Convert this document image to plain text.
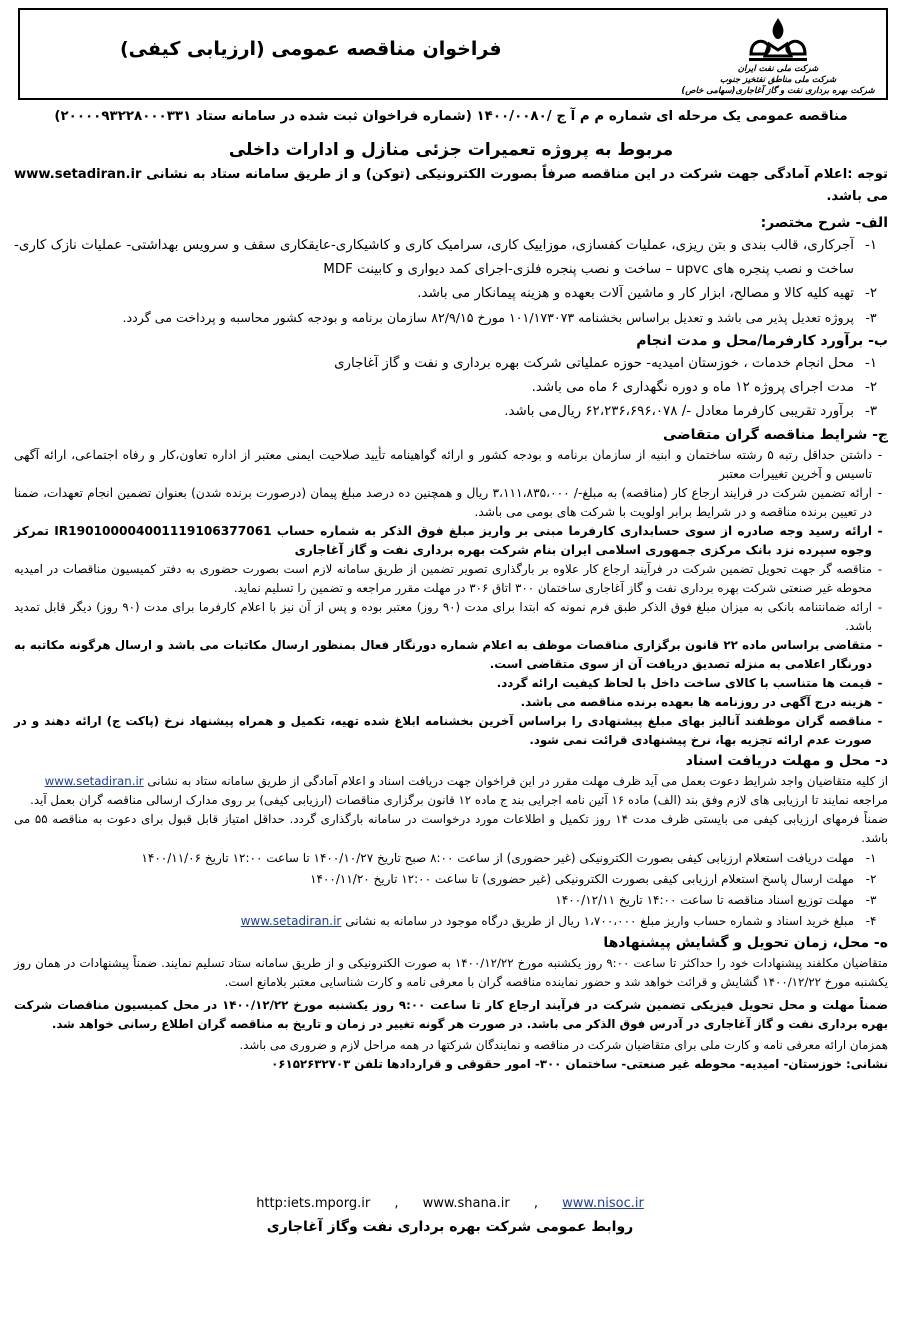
شرکت ملی نفت ایران
شرکت ملی مناطق نفتخیز جنوب
شرکت بهره برداری نفت و گاز آغاجاری(سهامی خاص)
فراخوان مناقصه عمومی (ارزیابی کیفی)

مناقصه عمومی یک مرحله ای شماره م م آ ج /۱۴۰۰/۰۰۸۰ (شماره فراخوان ثبت شده در سامانه ستاد ۲۰۰۰۰۹۳۲۲۸۰۰۰۳۳۱)

مربوط به پروژه تعمیرات جزئی منازل و ادارات داخلی

توجه :اعلام آمادگی جهت شرکت در این مناقصه صرفاً بصورت الکترونیکی (توکن) و از طریق سامانه ستاد به نشانی www.setadiran.ir می باشد.

الف- شرح مختصر:

۱-
آجرکاری، قالب بندی و بتن ریزی، عملیات کفسازی، موزاییک کاری، سرامیک کاری و کاشیکاری-عایقکاری سقف و سرویس بهداشتی- عملیات نازک کاری-ساخت و نصب پنجره های upvc – ساخت و نصب پنجره فلزی-اجرای کمد دیواری و کابینت MDF
۲-
تهیه کلیه کالا و مصالح، ابزار کار و ماشین آلات بعهده و هزینه پیمانکار می باشد.
۳-
پروژه تعدیل پذیر می باشد و تعدیل براساس بخشنامه ۱۰۱/۱۷۳۰۷۳ مورخ ۸۲/۹/۱۵ سازمان برنامه و بودجه کشور محاسبه و پرداخت می گردد.

ب- برآورد کارفرما/محل و مدت انجام

۱-
محل انجام خدمات ، خوزستان امیدیه- حوزه عملیاتی شرکت بهره برداری و نفت و گاز آغاجاری
۲-
مدت اجرای پروژه ۱۲ ماه و دوره نگهداری ۶ ماه می باشد.
۳-
برآورد تقریبی کارفرما معادل -/ ۶۲،۲۳۶،۶۹۶،۰۷۸ ریال‌می باشد.

ج- شرایط مناقصه گران متقاضی

-
داشتن حداقل رتبه ۵ رشته ساختمان و ابنیه از سازمان برنامه و بودجه کشور و ارائه گواهینامه تأیید صلاحیت ایمنی معتبر از اداره تعاون،کار و رفاه اجتماعی، ارائه آگهی تاسیس و آخرین تغییرات معتبر
-
ارائه تضمین شرکت در فرایند ارجاع کار (مناقصه) به مبلغ-/ ۳،۱۱۱،۸۳۵،۰۰۰ ریال و همچنین ده درصد مبلغ پیمان (درصورت برنده شدن) بعنوان تضمین انجام تعهدات، ضمنا در تعیین برنده مناقصه و در شرایط برابر اولویت با شرکت های بومی می باشد.
-
ارائه رسید وجه صادره از سوی حسابداری کارفرما مبنی بر واریز مبلغ فوق الذکر به شماره حساب IR190100004001119106377061 تمرکز وجوه سپرده نزد بانک مرکزی جمهوری اسلامی ایران بنام شرکت بهره برداری نفت و گاز آغاجاری
-
مناقصه گر جهت تحویل تضمین شرکت در فرآیند ارجاع کار علاوه بر بارگذاری تصویر تضمین از طریق سامانه لازم است بصورت حضوری به دفتر کمیسیون مناقصات در امیدیه محوطه غیر صنعتی شرکت بهره برداری نفت و گاز آغاجاری ساختمان ۳۰۰ اتاق ۳۰۶ در مهلت مقرر مراجعه و تضمین را تسلیم نماید.
-
ارائه ضمانتنامه بانکی به میزان مبلغ فوق الذکر طبق فرم نمونه که ابتدا برای مدت (۹۰ روز) معتبر بوده و پس از آن نیز با اعلام کارفرما برای مدت (۹۰ روز) دیگر قابل تمدید باشد.
-
متقاضی براساس ماده ۲۲ قانون برگزاری مناقصات موظف به اعلام شماره دورنگار فعال بمنظور ارسال مکاتبات می باشد و ارسال هرگونه مکاتبه به دورنگار اعلامی به منزله تصدیق دریافت آن از سوی متقاضی است.
-
قیمت ها متناسب با کالای ساخت داخل با لحاظ کیفیت ارائه گردد.
-
هزینه درج آگهی در روزنامه ها بعهده برنده مناقصه می باشد.
-
مناقصه گران موظفند آنالیز بهای مبلغ پیشنهادی را براساس آخرین بخشنامه ابلاغ شده تهیه، تکمیل و همراه پیشنهاد نرخ (پاکت ج) ارائه دهند و در صورت عدم ارائه تجزیه بها، نرخ پیشنهادی قرائت نمی شود.

د- محل و مهلت دریافت اسناد

از کلیه متقاضیان واجد شرایط دعوت بعمل می آید ظرف مهلت مقرر در این فراخوان جهت دریافت اسناد و اعلام آمادگی از طریق سامانه ستاد به نشانی www.setadiran.ir

مراجعه نمایند تا ارزیابی های لازم وفق بند (الف) ماده ۱۶ آئین نامه اجرایی بند ج ماده ۱۲ قانون برگزاری مناقصات (ارزیابی کیفی) بر روی مدارک ارسالی مناقصه گران بعمل آید.

ضمناً فرمهای ارزیابی کیفی می بایستی ظرف مدت ۱۴ روز تکمیل و اطلاعات مورد درخواست در سامانه بارگذاری گردد. حداقل امتیاز قابل قبول برای دعوت به مناقصه ۵۵ می باشد.

۱-
مهلت دریافت استعلام ارزیابی کیفی بصورت الکترونیکی (غیر حضوری) از ساعت ۸:۰۰ صبح تاریخ ۱۴۰۰/۱۰/۲۷ تا ساعت ۱۲:۰۰ تاریخ ۱۴۰۰/۱۱/۰۶
۲-
مهلت ارسال پاسخ استعلام ارزیابی کیفی بصورت الکترونیکی (غیر حضوری) تا ساعت ۱۲:۰۰ تاریخ ۱۴۰۰/۱۱/۲۰
۳-
مهلت توزیع اسناد مناقصه تا ساعت ۱۴:۰۰ تاریخ ۱۴۰۰/۱۲/۱۱
۴-
مبلغ خرید اسناد و شماره حساب واریز مبلغ ۱،۷۰۰،۰۰۰ ریال از طریق درگاه موجود در سامانه به نشانی www.setadiran.ir

ه- محل، زمان تحویل و گشایش پیشنهادها

متقاضیان مکلفند پیشنهادات خود را حداکثر تا ساعت ۹:۰۰ روز یکشنبه مورخ ۱۴۰۰/۱۲/۲۲ به صورت الکترونیکی و از طریق سامانه ستاد تسلیم نمایند. ضمناً پیشنهادات در همان روز یکشنبه مورخ ۱۴۰۰/۱۲/۲۲ گشایش و قرائت خواهد شد و حضور نماینده مناقصه گران با معرفی نامه و کارت شناسایی معتبر بلامانع است.

ضمناً مهلت و محل تحویل فیزیکی تضمین شرکت در فرآیند ارجاع کار تا ساعت ۹:۰۰ روز یکشنبه مورخ ۱۴۰۰/۱۲/۲۲ در محل کمیسیون مناقصات شرکت بهره برداری نفت و گاز آغاجاری در آدرس فوق الذکر می باشد. در صورت هر گونه تغییر در زمان و تاریخ به مناقصه گران اطلاع رسانی خواهد شد.

همزمان ارائه معرفی نامه و کارت ملی برای متقاضیان شرکت در مناقصه و نمایندگان شرکتها در همه مراحل لازم و ضروری می باشد.

نشانی: خوزستان- امیدیه- محوطه غیر صنعتی- ساختمان ۳۰۰- امور حقوقی و قراردادها تلفن ۰۶۱۵۲۶۳۲۷۰۳

http:iets.mporg.ir , www.shana.ir , www.nisoc.ir
روابط عمومی شرکت بهره برداری نفت وگاز آغاجاری
